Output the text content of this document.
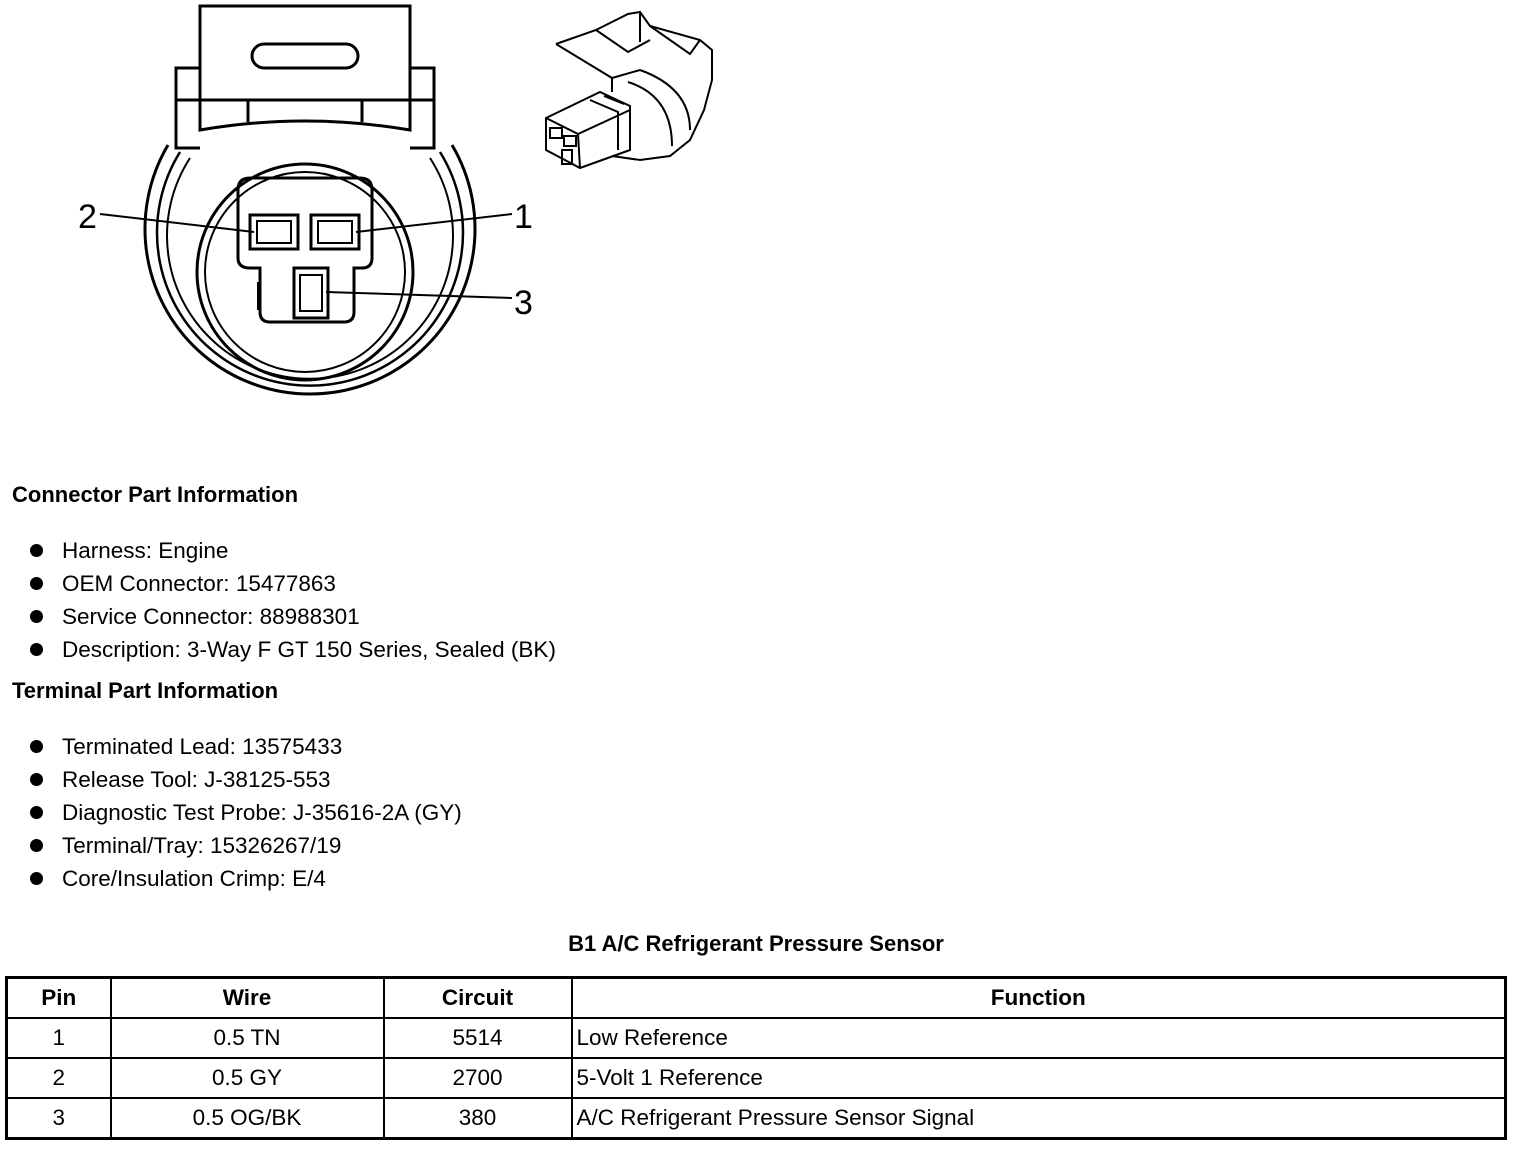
2	1
3
Connector Part Information
Harness: Engine
OEM Connector: 15477863
Service Connector: 88988301
Description: 3-Way F GT 150 Series, Sealed (BK)
Terminal Part Information
Terminated Lead: 13575433
Release Tool: J-38125-553
Diagnostic Test Probe: J-35616-2A (GY)
Terminal/Tray: 15326267/19
Core/Insulation Crimp: E/4
B1 A/C Refrigerant Pressure Sensor
Pin	Wire	Circuit	Function
1	0.5 TN	5514	Low Reference
2	0.5 GY	2700	5-Volt 1 Reference
3	0.5 OG/BK	380	A/C Refrigerant Pressure Sensor Signal
